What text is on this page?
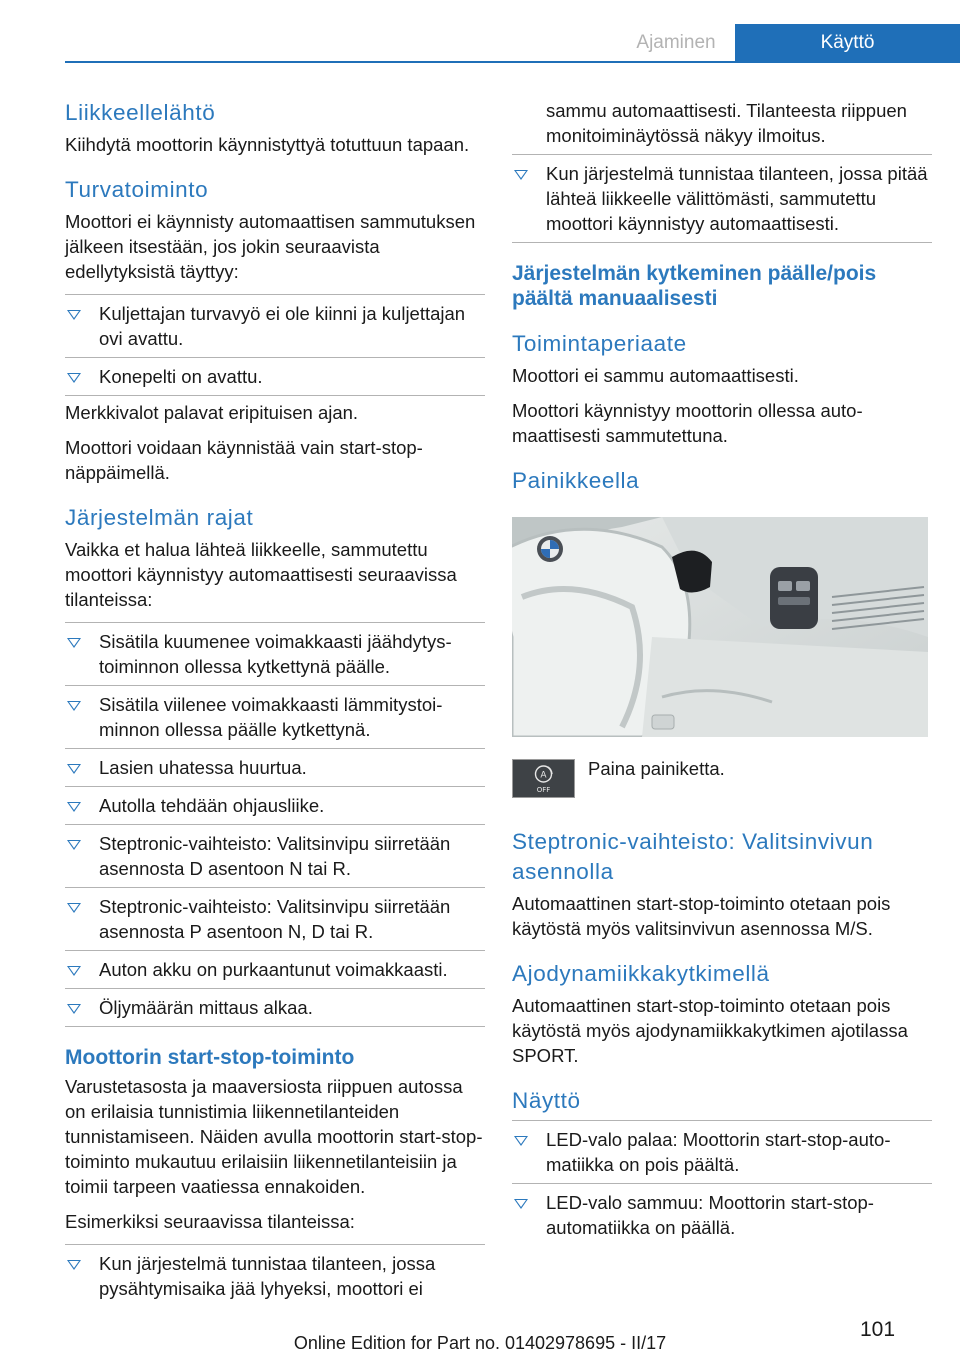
Ajaminen	Käyttö
Liikkeellelähtö

Kiihdytä moottorin käynnistyttyä totuttuun tapaan.

Turvatoiminto

Moottori ei käynnisty automaattisen sammutuksen jälkeen itsestään, jos jokin seuraavista edellytyksistä täyttyy:

Kuljettajan turvavyö ei ole kiinni ja kuljettajan ovi avattu.
Konepelti on avattu.

Merkkivalot palavat eripituisen ajan.

Moottori voidaan käynnistää vain start-stop-näppäimellä.

Järjestelmän rajat

Vaikka et halua lähteä liikkeelle, sammutettu moottori käynnistyy automaattisesti seuraavissa tilanteissa:

Sisätila kuumenee voimakkaasti jäähdytystoiminnon ollessa kytkettynä päälle.
Sisätila viilenee voimakkaasti lämmitystoiminnon ollessa päälle kytkettynä.
Lasien uhatessa huurtua.
Autolla tehdään ohjausliike.
Steptronic-vaihteisto: Valitsinvipu siirretään asennosta D asentoon N tai R.
Steptronic-vaihteisto: Valitsinvipu siirretään asennosta P asentoon N, D tai R.
Auton akku on purkaantunut voimakkaasti.
Öljymäärän mittaus alkaa.
Moottorin start-stop-toiminto

Varustetasosta ja maaversiosta riippuen autossa on erilaisia tunnistimia liikennetilanteiden tunnistamiseen. Näiden avulla moottorin start-stop-toiminto mukautuu erilaisiin liikennetilanteisiin ja toimii tarpeen vaatiessa ennakoiden.

Esimerkiksi seuraavissa tilanteissa:

Kun järjestelmä tunnistaa tilanteen, jossa pysähtymisaika jää lyhyeksi, moottori ei
sammu automaattisesti. Tilanteesta riippuen monitoiminäytössä näkyy ilmoitus.
Kun järjestelmä tunnistaa tilanteen, jossa pitää lähteä liikkeelle välittömästi, sammutettu moottori käynnistyy automaattisesti.
Järjestelmän kytkeminen päälle/pois päältä manuaalisesti
Toimintaperiaate

Moottori ei sammu automaattisesti.

Moottori käynnistyy moottorin ollessa automaattisesti sammutettuna.

Painikkeella
A
OFF
Paina painiketta.
Steptronic-vaihteisto: Valitsinvivun asennolla

Automaattinen start-stop-toiminto otetaan pois käytöstä myös valitsinvivun asennossa M/S.

Ajodynamiikkakytkimellä

Automaattinen start-stop-toiminto otetaan pois käytöstä myös ajodynamiikkakytkimen ajotilassa SPORT.

Näyttö
LED-valo palaa: Moottorin start-stop-automatiikka on pois päältä.
LED-valo sammuu: Moottorin start-stop-automatiikka on päällä.
101
Online Edition for Part no. 01402978695 - II/17
